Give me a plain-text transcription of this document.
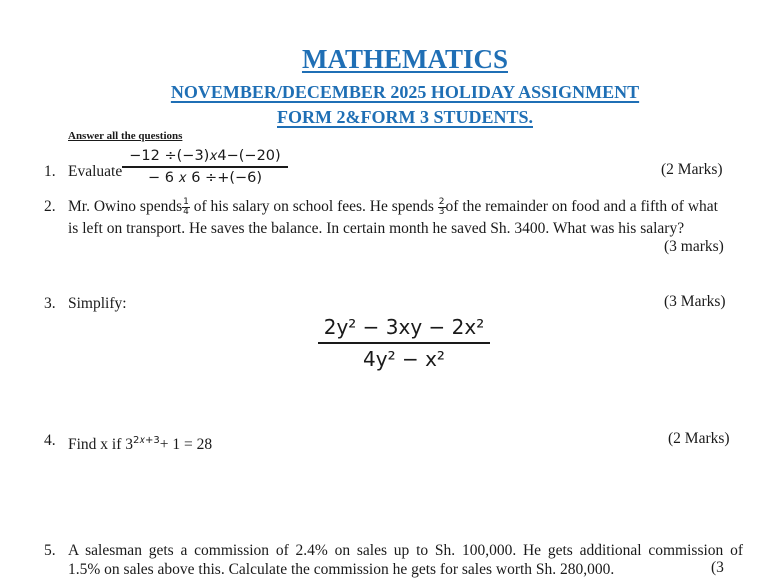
MATHEMATICS
NOVEMBER/DECEMBER 2025 HOLIDAY ASSIGNMENT
FORM 2&FORM 3 STUDENTS.
Answer all the questions
1. Evaluate
−12 ÷(−3)𝑥4−(−20)
− 6 𝑥 6 ÷+(−6)	(2 Marks)
2. Mr. Owino spends $\frac{1}{4}$ of his salary on school fees. He spends $\frac{2}{3}$ of the remainder on food and a fifth of what
is left on transport. He saves the balance. In certain month he saved Sh. 3400. What was his salary?
(3 marks)
3. Simplify:	(3 Marks)
2y² − 3xy − 2x²
4y² − x²
4. Find x if $3^{2𝑥+3}+ 1 = 28$	(2 Marks)
5. A salesman gets a commission of 2.4% on sales up to Sh. 100,000. He gets additional commission of
1.5% on sales above this. Calculate the commission he gets for sales worth Sh. 280,000.	(3
